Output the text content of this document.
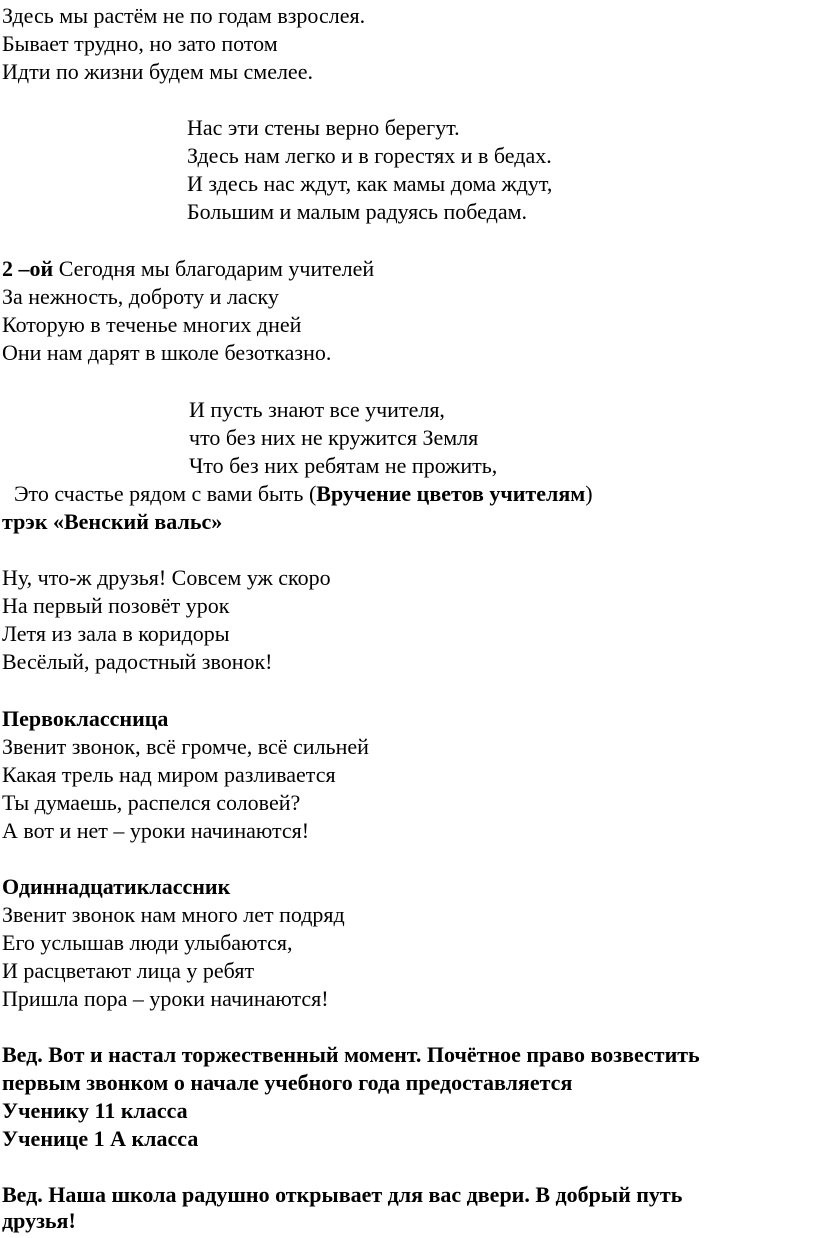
Здесь мы растём не по годам взрослея.
Бывает трудно, но зато потом
Идти по жизни будем мы смелее.
Нас эти стены верно берегут.
Здесь нам легко и в горестях и в бедах.
И здесь нас ждут, как мамы дома ждут,
Большим и малым радуясь победам.
2 –ой Сегодня мы благодарим учителей
За нежность, доброту и ласку
Которую в теченье многих дней
Они нам дарят в школе безотказно.
И пусть знают все учителя,
что без них не кружится Земля
Что без них ребятам не прожить,
Это счастье рядом с вами быть (Вручение цветов учителям)
трэк «Венский вальс»
Ну, что-ж друзья! Совсем уж скоро
На первый позовёт урок
Летя из зала в коридоры
Весёлый, радостный звонок!
Первоклассница
Звенит звонок, всё громче, всё сильней
Какая трель над миром разливается
Ты думаешь, распелся соловей?
А вот и нет – уроки начинаются!
Одиннадцатиклассник
Звенит звонок нам много лет подряд
Его услышав люди улыбаются,
И расцветают лица у ребят
Пришла пора – уроки начинаются!
Вед. Вот и настал торжественный момент. Почётное право возвестить
первым звонком о начале учебного года предоставляется
Ученику 11 класса
Ученице 1 А класса
Вед. Наша школа радушно открывает для вас двери. В добрый путь
друзья!
